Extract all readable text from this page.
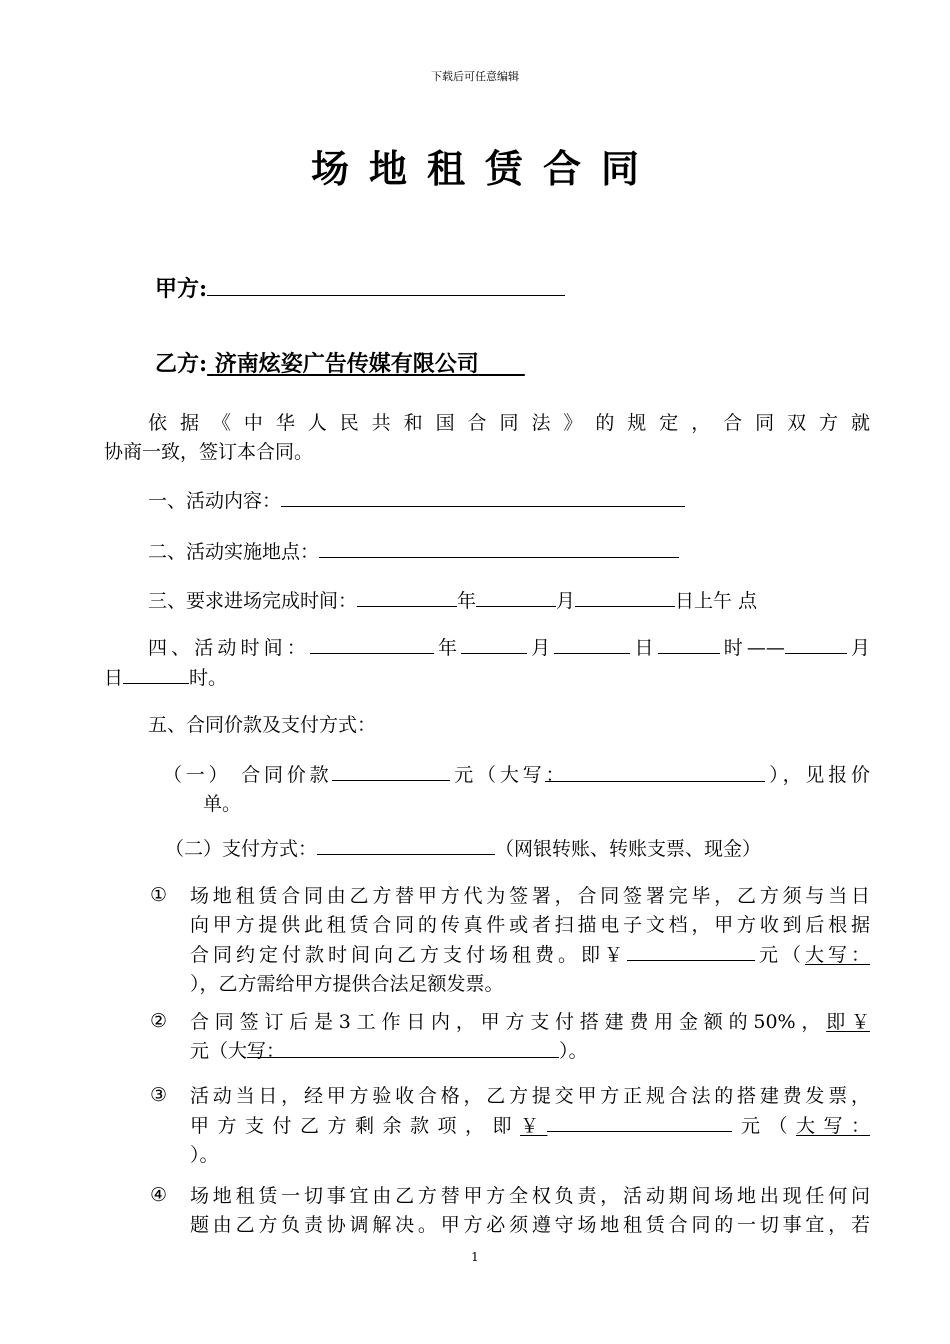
下载后可任意编辑
场地租赁合同
甲方:
乙方: 济南炫姿广告传媒有限公司
依据《中华人民共和国合同法》的规定，合同双方就
协商一致，签订本合同。
一、活动内容：
二、活动实施地点：
三、要求进场完成时间：	年	月	日上午 点
四、活动时间：	年	月	日	时——	月
日	时。
五、合同价款及支付方式：
（一） 合同价款	元（大写：	），见报价
单。
（二）支付方式：	（网银转账、转账支票、现金）
① 场地租赁合同由乙方替甲方代为签署，合同签署完毕，乙方须与当日
向甲方提供此租赁合同的传真件或者扫描电子文档，甲方收到后根据
合同约定付款时间向乙方支付场租费。即￥	元（大写：
），乙方需给甲方提供合法足额发票。
② 合同签订后是3工作日内，甲方支付搭建费用金额的50%，即￥
元（大写：	）。
③ 活动当日，经甲方验收合格，乙方提交甲方正规合法的搭建费发票，
甲方支付乙方剩余款项，即￥	元（大写：
）。
④ 场地租赁一切事宜由乙方替甲方全权负责，活动期间场地出现任何问
题由乙方负责协调解决。甲方必须遵守场地租赁合同的一切事宜，若
1
